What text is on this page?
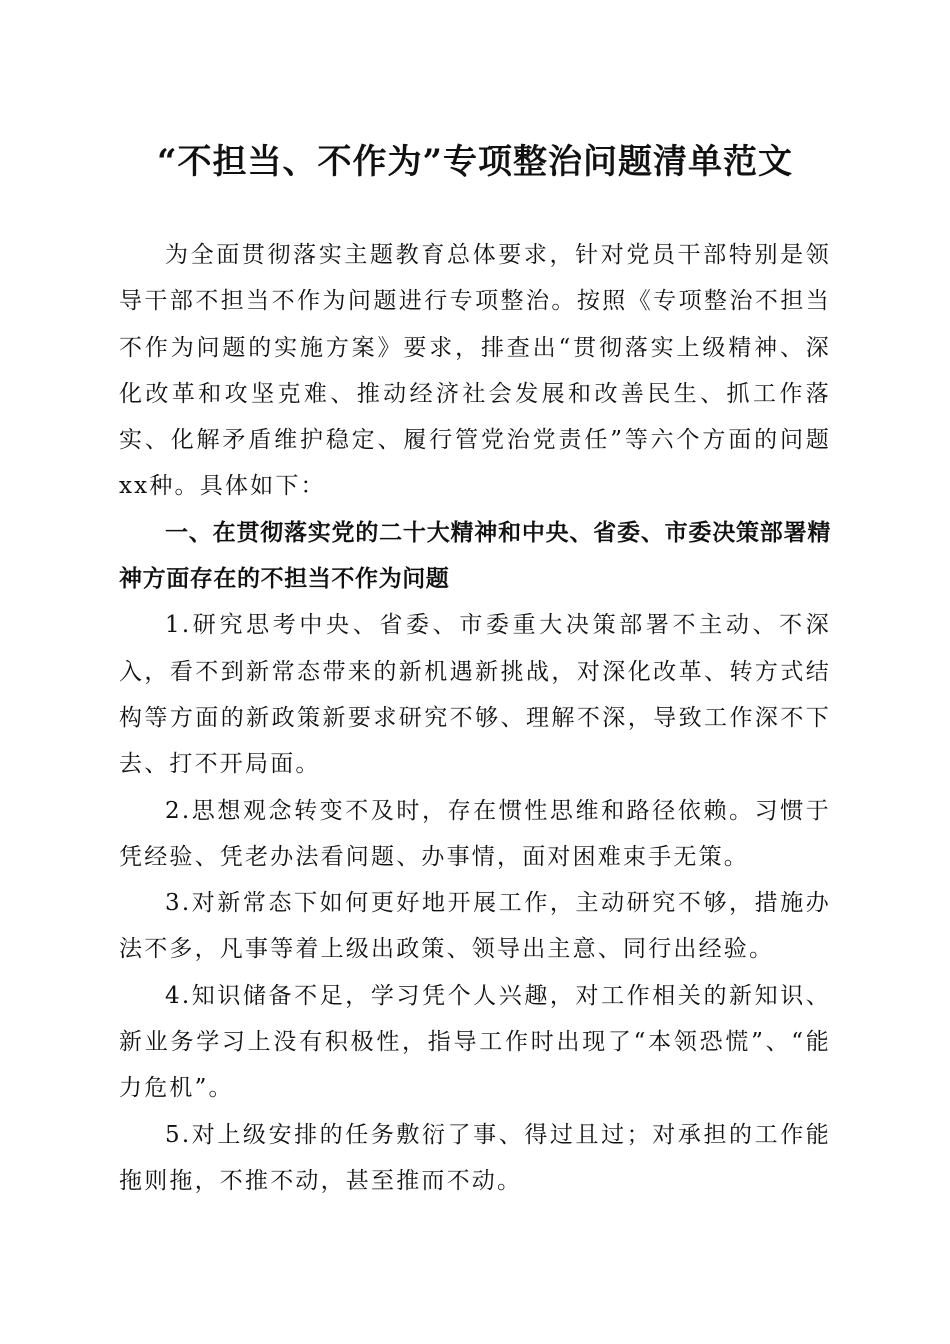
“不担当、不作为”专项整治问题清单范文

为全面贯彻落实主题教育总体要求，针对党员干部特别是领导干部不担当不作为问题进行专项整治。按照《专项整治不担当不作为问题的实施方案》要求，排查出“贯彻落实上级精神、深化改革和攻坚克难、推动经济社会发展和改善民生、抓工作落实、化解矛盾维护稳定、履行管党治党责任”等六个方面的问题xx种。具体如下：

一、在贯彻落实党的二十大精神和中央、省委、市委决策部署精神方面存在的不担当不作为问题

1.研究思考中央、省委、市委重大决策部署不主动、不深入，看不到新常态带来的新机遇新挑战，对深化改革、转方式结构等方面的新政策新要求研究不够、理解不深，导致工作深不下去、打不开局面。

2.思想观念转变不及时，存在惯性思维和路径依赖。习惯于凭经验、凭老办法看问题、办事情，面对困难束手无策。

3.对新常态下如何更好地开展工作，主动研究不够，措施办法不多，凡事等着上级出政策、领导出主意、同行出经验。

4.知识储备不足，学习凭个人兴趣，对工作相关的新知识、新业务学习上没有积极性，指导工作时出现了“本领恐慌”、“能力危机”。

5.对上级安排的任务敷衍了事、得过且过；对承担的工作能拖则拖，不推不动，甚至推而不动。
